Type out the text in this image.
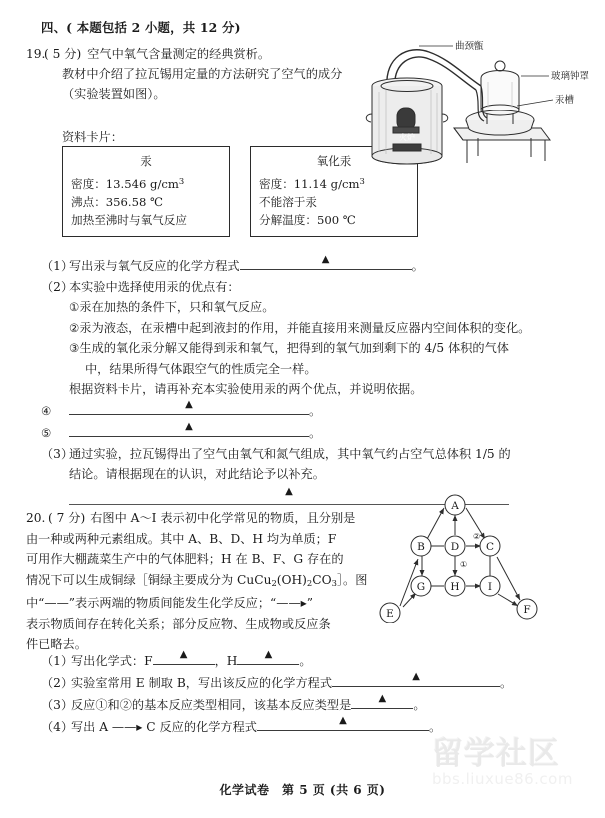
四、( 本题包括 2 小题，共 12 分)
19.
( 5 分) 空气中氧气含量测定的经典赏析。
教材中介绍了拉瓦锡用定量的方法研究了空气的成分
（实验装置如图）。
资料卡片：
汞
密度：13.546 $g/cm^3$
沸点：356.58 ℃
加热至沸时与氧气反应
氧化汞
密度：11.14 $g/cm^3$
不能溶于汞
分解温度：500 ℃
火炉
曲颈甑
玻璃钟罩
汞槽
（1）
写出汞与氧气反应的化学方程式	▲	。
（2）
本实验中选择使用汞的优点有：
①汞在加热的条件下，只和氧气反应。
②汞为液态，在汞槽中起到液封的作用，并能直接用来测量反应器内空间体积的变化。
③生成的氧化汞分解又能得到汞和氧气，把得到的氧气加到剩下的 4/5 体积的气体
中，结果所得气体跟空气的性质完全一样。
根据资料卡片，请再补充本实验使用汞的两个优点，并说明依据。
④	▲	。
⑤	▲	。
（3）
通过实验，拉瓦锡得出了空气由氧气和氮气组成，其中氧气约占空气总体积 1/5 的
结论。请根据现在的认识，对此结论予以补充。
▲
20. ( 7 分) 右图中 A～I 表示初中化学常见的物质，且分别是
由一种或两种元素组成。其中 A、B、D、H 均为单质；F
可用作大棚蔬菜生产中的气体肥料；H 在 B、F、G 存在的
情况下可以生成铜绿［铜绿主要成分为 $CuCu_2(OH)_2CO_3]$。图
中“——”表示两端的物质间能发生化学反应；“——▸”
表示物质间存在转化关系；部分反应物、生成物或反应条
件已略去。
A
B D	C
G H	I
E	F
②
①
（1）
写出化学式：F	▲ ，H	▲ 。
（2）
实验室常用 E 制取 B，写出该反应的化学方程式	▲	。
（3）
反应①和②的基本反应类型相同，该基本反应类型是	▲ 。
（4）
写出 A ——▸ C 反应的化学方程式	▲	。
留学社区
bbs.liuxue86.com
化学试卷　第 5 页 (共 6 页)
